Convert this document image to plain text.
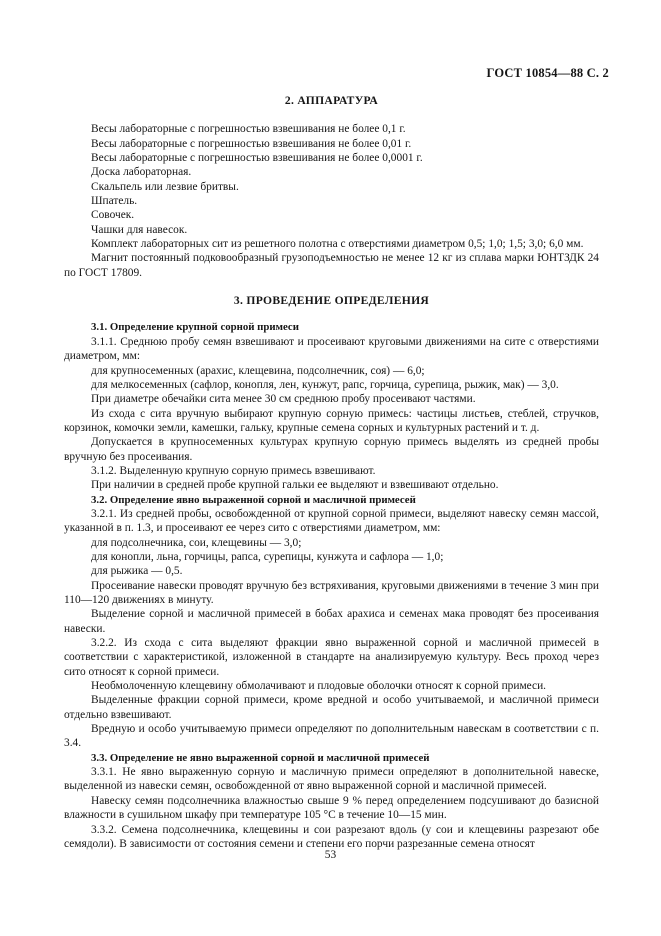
ГОСТ 10854—88 С. 2

2. АППАРАТУРА

Весы лабораторные с погрешностью взвешивания не более 0,1 г.

Весы лабораторные с погрешностью взвешивания не более 0,01 г.

Весы лабораторные с погрешностью взвешивания не более 0,0001 г.

Доска лабораторная.

Скальпель или лезвие бритвы.

Шпатель.

Совочек.

Чашки для навесок.

Комплект лабораторных сит из решетного полотна с отверстиями диаметром 0,5; 1,0; 1,5; 3,0; 6,0 мм.

Магнит постоянный подковообразный грузоподъемностью не менее 12 кг из сплава марки ЮНТЗДК 24 по ГОСТ 17809.

3. ПРОВЕДЕНИЕ ОПРЕДЕЛЕНИЯ

3.1. Определение крупной сорной примеси

3.1.1. Среднюю пробу семян взвешивают и просеивают круговыми движениями на сите с отверстиями диаметром, мм:

для крупносеменных (арахис, клещевина, подсолнечник, соя) — 6,0;

для мелкосеменных (сафлор, конопля, лен, кунжут, рапс, горчица, сурепица, рыжик, мак) — 3,0.

При диаметре обечайки сита менее 30 см среднюю пробу просеивают частями.

Из схода с сита вручную выбирают крупную сорную примесь: частицы листьев, стеблей, стручков, корзинок, комочки земли, камешки, гальку, крупные семена сорных и культурных растений и т. д.

Допускается в крупносеменных культурах крупную сорную примесь выделять из средней пробы вручную без просеивания.

3.1.2. Выделенную крупную сорную примесь взвешивают.

При наличии в средней пробе крупной гальки ее выделяют и взвешивают отдельно.

3.2. Определение явно выраженной сорной и масличной примесей

3.2.1. Из средней пробы, освобожденной от крупной сорной примеси, выделяют навеску семян массой, указанной в п. 1.3, и просеивают ее через сито с отверстиями диаметром, мм:

для подсолнечника, сои, клещевины — 3,0;

для конопли, льна, горчицы, рапса, сурепицы, кунжута и сафлора — 1,0;

для рыжика — 0,5.

Просеивание навески проводят вручную без встряхивания, круговыми движениями в течение 3 мин при 110—120 движениях в минуту.

Выделение сорной и масличной примесей в бобах арахиса и семенах мака проводят без просеивания навески.

3.2.2. Из схода с сита выделяют фракции явно выраженной сорной и масличной примесей в соответствии с характеристикой, изложенной в стандарте на анализируемую культуру. Весь проход через сито относят к сорной примеси.

Необмолоченную клещевину обмолачивают и плодовые оболочки относят к сорной примеси.

Выделенные фракции сорной примеси, кроме вредной и особо учитываемой, и масличной примеси отдельно взвешивают.

Вредную и особо учитываемую примеси определяют по дополнительным навескам в соответствии с п. 3.4.

3.3. Определение не явно выраженной сорной и масличной примесей

3.3.1. Не явно выраженную сорную и масличную примеси определяют в дополнительной навеске, выделенной из навески семян, освобожденной от явно выраженной сорной и масличной примесей.

Навеску семян подсолнечника влажностью свыше 9 % перед определением подсушивают до базисной влажности в сушильном шкафу при температуре 105 °С в течение 10—15 мин.

3.3.2. Семена подсолнечника, клещевины и сои разрезают вдоль (у сои и клещевины разрезают обе семядоли). В зависимости от состояния семени и степени его порчи разрезанные семена относят

53
